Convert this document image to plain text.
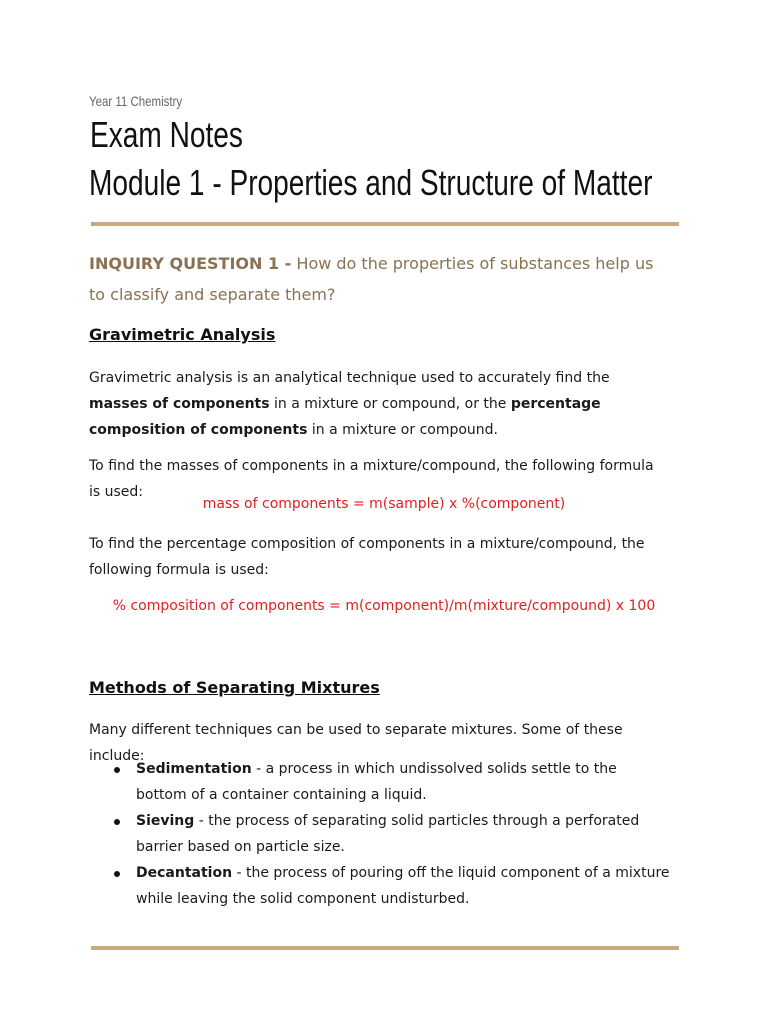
Year 11 Chemistry
Exam Notes
Module 1 - Properties and Structure of Matter
INQUIRY QUESTION 1 - How do the properties of substances help us to classify and separate them?
Gravimetric Analysis
Gravimetric analysis is an analytical technique used to accurately find the masses of components in a mixture or compound, or the percentage composition of components in a mixture or compound.
To find the masses of components in a mixture/compound, the following formula is used:
mass of components = m(sample) x %(component)
To find the percentage composition of components in a mixture/compound, the following formula is used:
% composition of components = m(component)/m(mixture/compound) x 100
Methods of Separating Mixtures
Many different techniques can be used to separate mixtures. Some of these include:
Sedimentation - a process in which undissolved solids settle to the bottom of a container containing a liquid.
Sieving - the process of separating solid particles through a perforated barrier based on particle size.
Decantation - the process of pouring off the liquid component of a mixture while leaving the solid component undisturbed.
